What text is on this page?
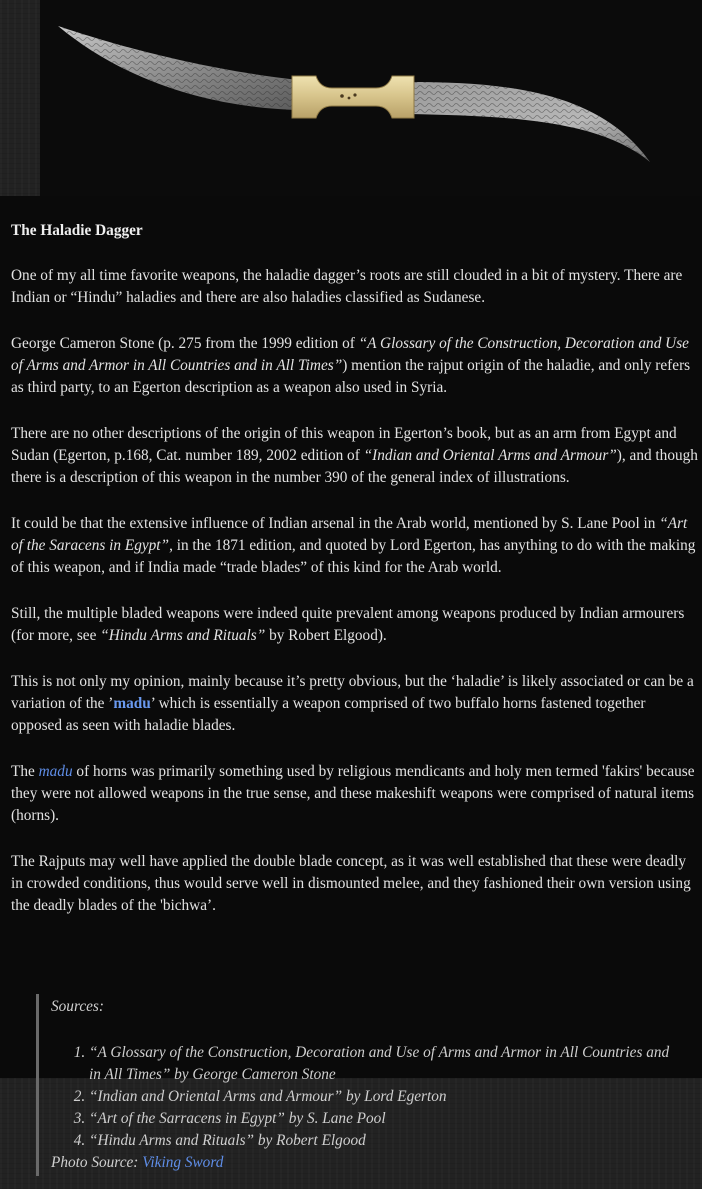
The Haladie Dagger

One of my all time favorite weapons, the haladie dagger’s roots are still clouded in a bit of mystery. There are Indian or “Hindu” haladies and there are also haladies classified as Sudanese.

George Cameron Stone (p. 275 from the 1999 edition of “A Glossary of the Construction, Decoration and Use of Arms and Armor in All Countries and in All Times”) mention the rajput origin of the haladie, and only refers as third party, to an Egerton description as a weapon also used in Syria.

There are no other descriptions of the origin of this weapon in Egerton’s book, but as an arm from Egypt and Sudan (Egerton, p.168, Cat. number 189, 2002 edition of “Indian and Oriental Arms and Armour”), and though there is a description of this weapon in the number 390 of the general index of illustrations.

It could be that the extensive influence of Indian arsenal in the Arab world, mentioned by S. Lane Pool in “Art of the Saracens in Egypt”, in the 1871 edition, and quoted by Lord Egerton, has anything to do with the making of this weapon, and if India made “trade blades” of this kind for the Arab world.

Still, the multiple bladed weapons were indeed quite prevalent among weapons produced by Indian armourers (for more, see “Hindu Arms and Rituals” by Robert Elgood).

This is not only my opinion, mainly because it’s pretty obvious, but the ‘haladie’ is likely associated or can be a variation of the ’madu’ which is essentially a weapon comprised of two buffalo horns fastened together opposed as seen with haladie blades.

The madu of horns was primarily something used by religious mendicants and holy men termed 'fakirs' because they were not allowed weapons in the true sense, and these makeshift weapons were comprised of natural items (horns).

The Rajputs may well have applied the double blade concept, as it was well established that these were deadly in crowded conditions, thus would serve well in dismounted melee, and they fashioned their own version using the deadly blades of the 'bichwa’.

Sources:

1. “A Glossary of the Construction, Decoration and Use of Arms and Armor in All Countries and in All Times” by George Cameron Stone
2. “Indian and Oriental Arms and Armour” by Lord Egerton
3. “Art of the Sarracens in Egypt” by S. Lane Pool
4. “Hindu Arms and Rituals” by Robert Elgood
Photo Source: Viking Sword
